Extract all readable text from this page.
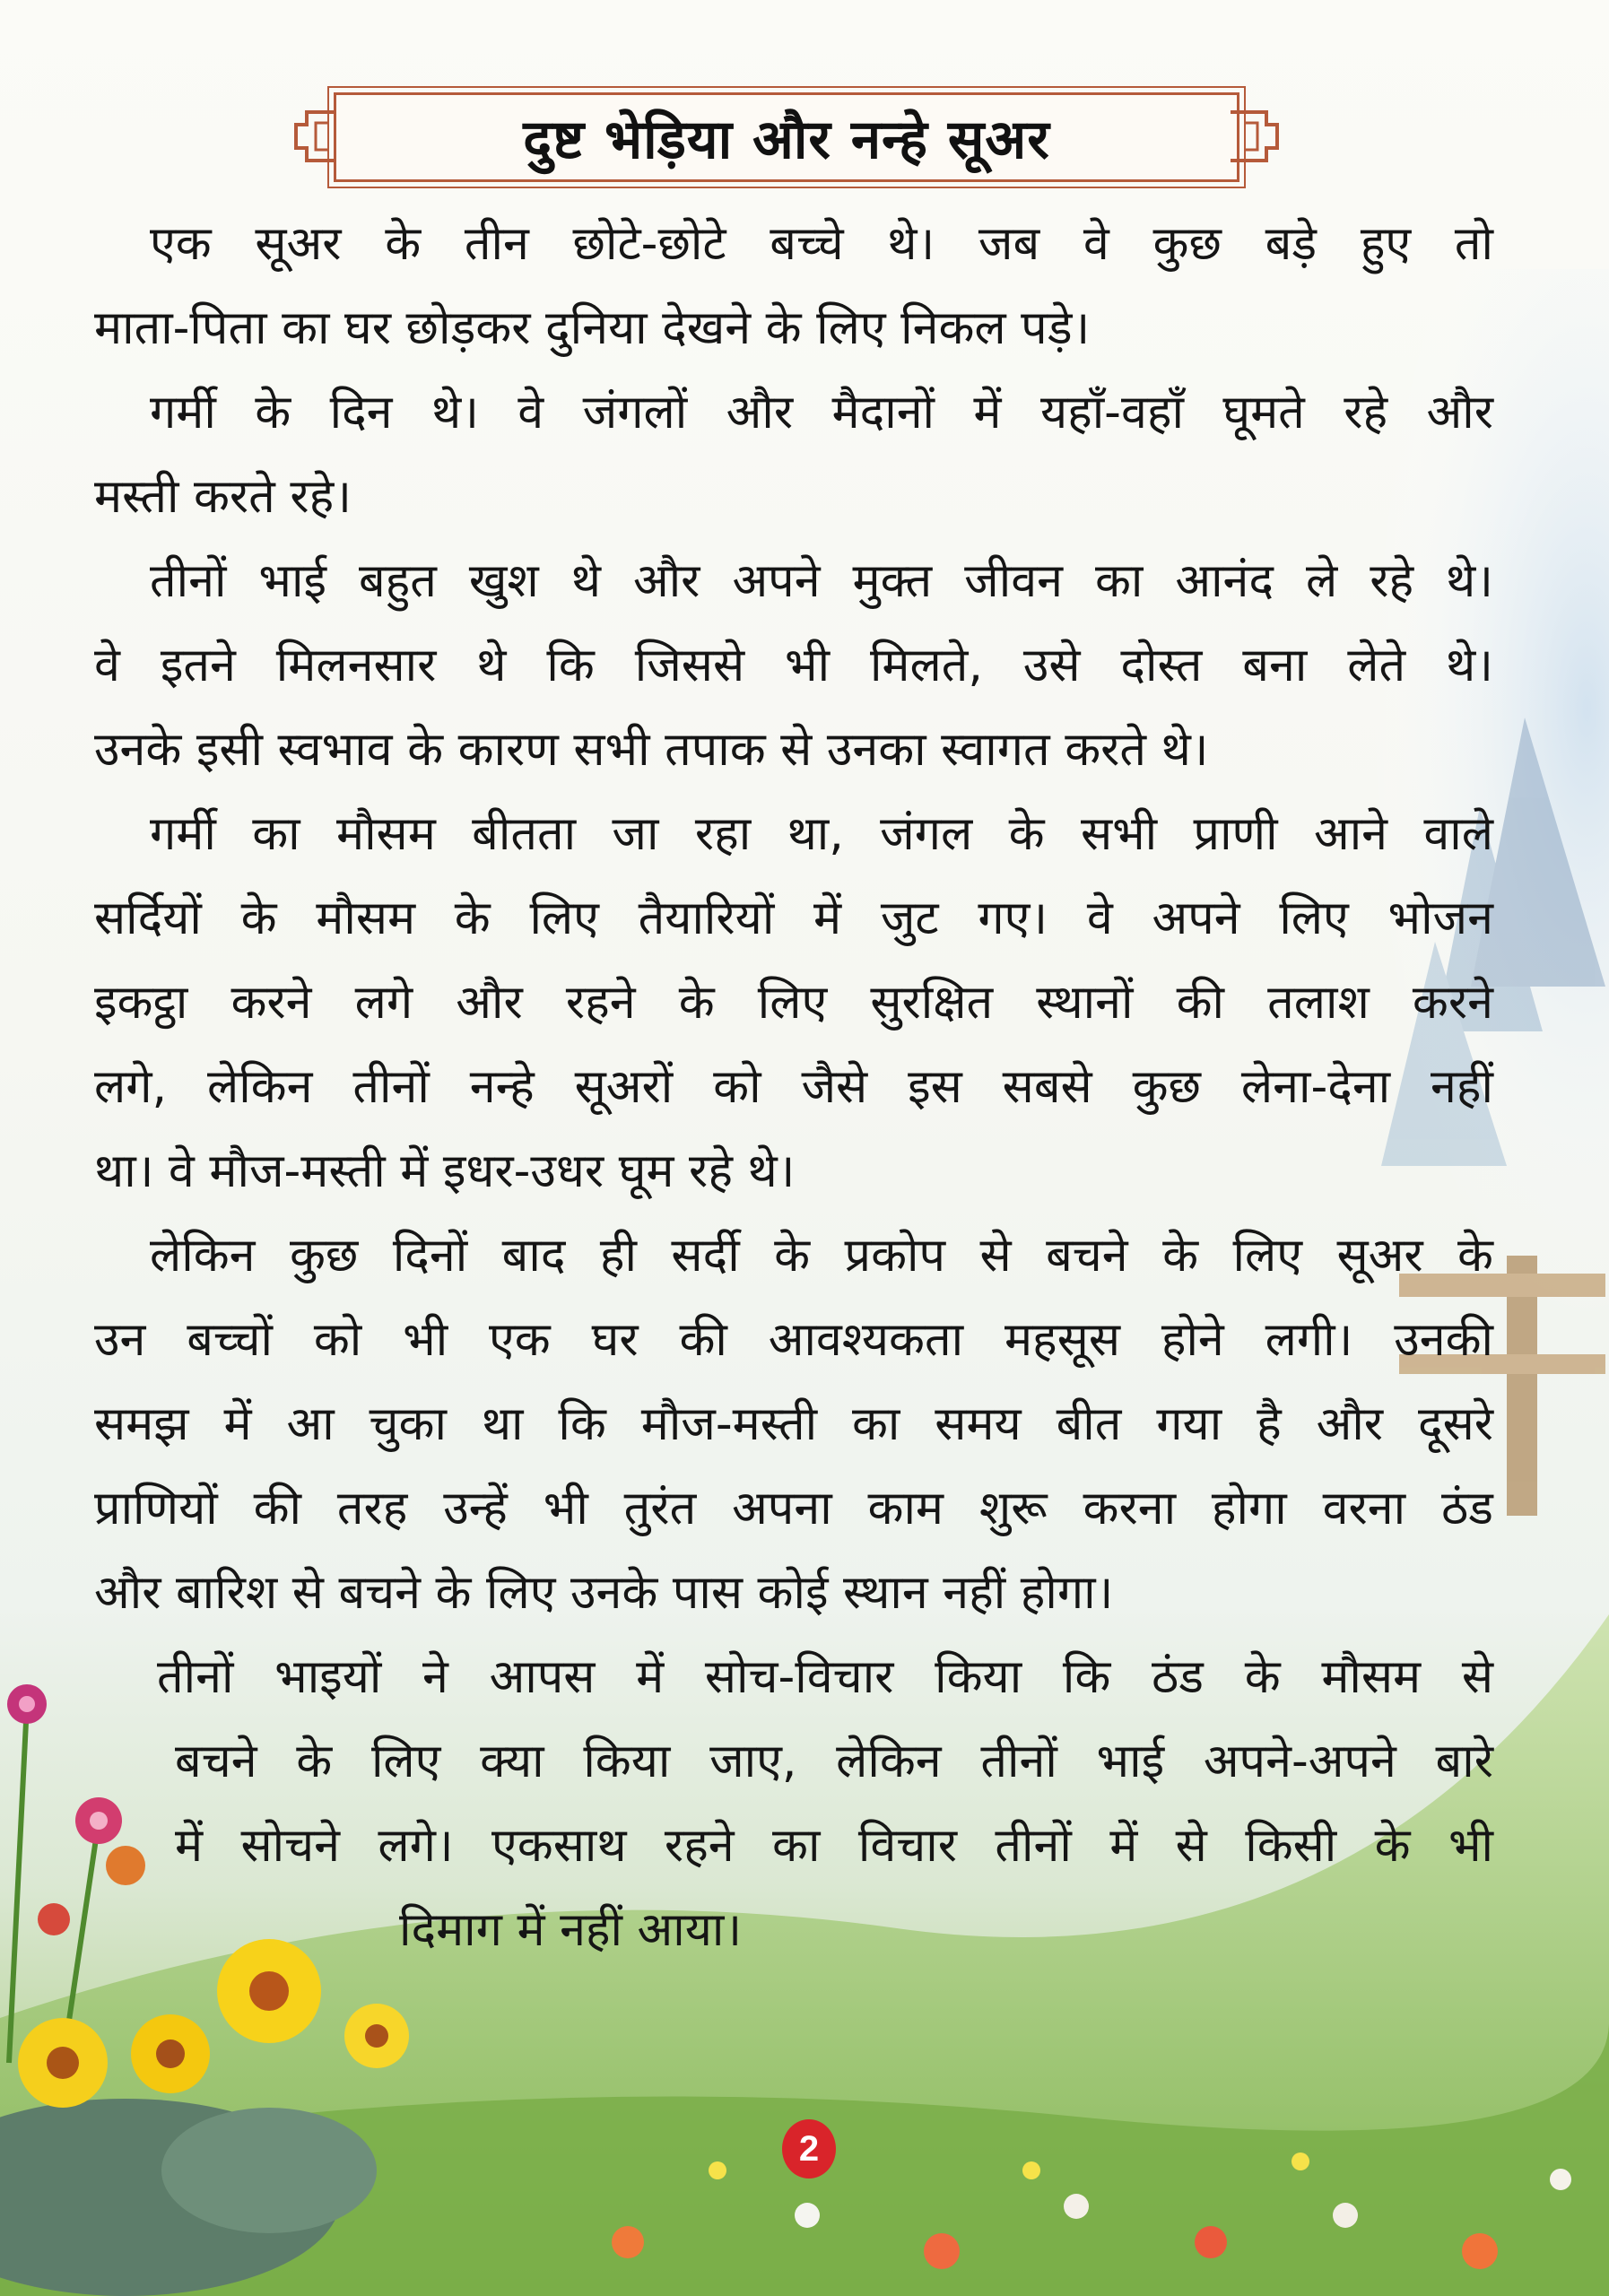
दुष्ट भेड़िया और नन्हे सूअर
एक सूअर के तीन छोटे-छोटे बच्चे थे। जब वे कुछ बड़े हुए तो
माता-पिता का घर छोड़कर दुनिया देखने के लिए निकल पड़े।
गर्मी के दिन थे। वे जंगलों और मैदानों में यहाँ-वहाँ घूमते रहे और
मस्ती करते रहे।
तीनों भाई बहुत खुश थे और अपने मुक्त जीवन का आनंद ले रहे थे।
वे इतने मिलनसार थे कि जिससे भी मिलते, उसे दोस्त बना लेते थे।
उनके इसी स्वभाव के कारण सभी तपाक से उनका स्वागत करते थे।
गर्मी का मौसम बीतता जा रहा था, जंगल के सभी प्राणी आने वाले
सर्दियों के मौसम के लिए तैयारियों में जुट गए। वे अपने लिए भोजन
इकट्ठा करने लगे और रहने के लिए सुरक्षित स्थानों की तलाश करने
लगे, लेकिन तीनों नन्हे सूअरों को जैसे इस सबसे कुछ लेना-देना नहीं
था। वे मौज-मस्ती में इधर-उधर घूम रहे थे।
लेकिन कुछ दिनों बाद ही सर्दी के प्रकोप से बचने के लिए सूअर के
उन बच्चों को भी एक घर की आवश्यकता महसूस होने लगी। उनकी
समझ में आ चुका था कि मौज-मस्ती का समय बीत गया है और दूसरे
प्राणियों की तरह उन्हें भी तुरंत अपना काम शुरू करना होगा वरना ठंड
और बारिश से बचने के लिए उनके पास कोई स्थान नहीं होगा।
तीनों भाइयों ने आपस में सोच-विचार किया कि ठंड के मौसम से
बचने के लिए क्या किया जाए, लेकिन तीनों भाई अपने-अपने बारे
में सोचने लगे। एकसाथ रहने का विचार तीनों में से किसी के भी
दिमाग में नहीं आया।
2
